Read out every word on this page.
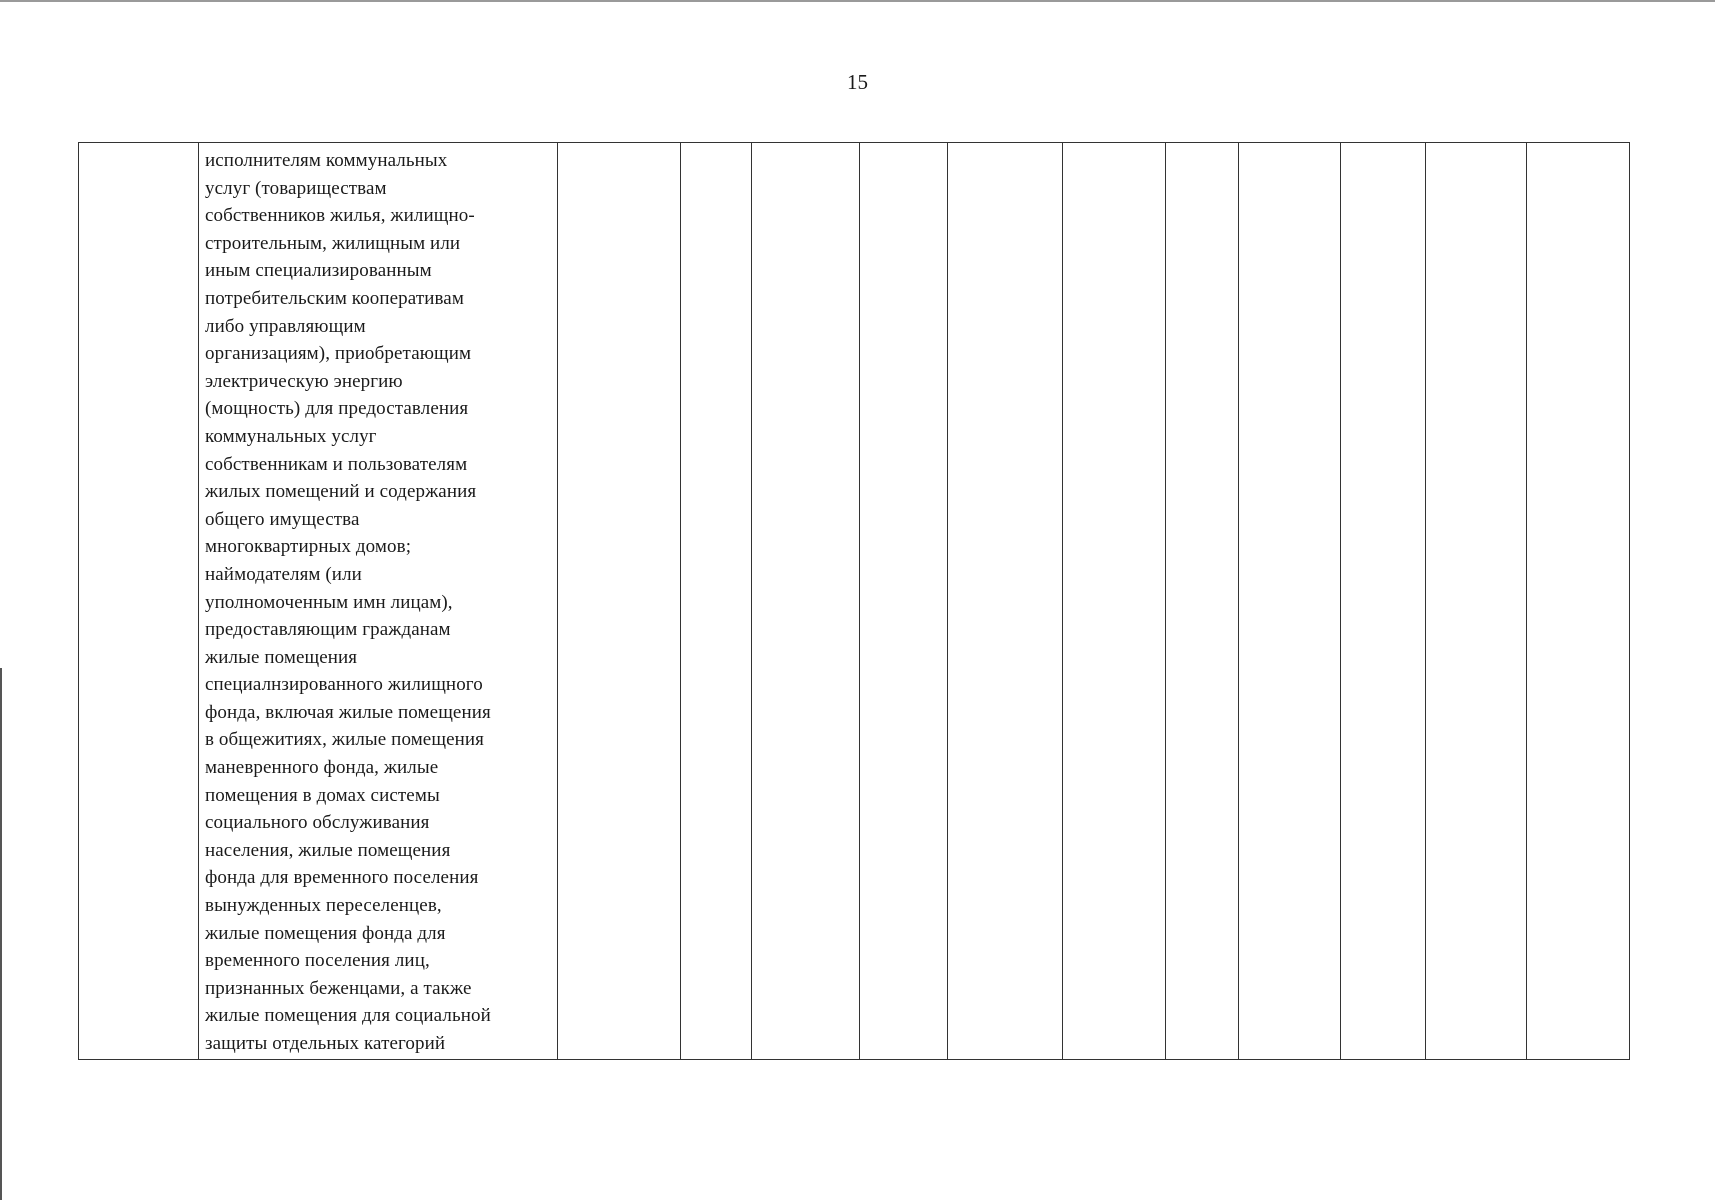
15

исполнителям коммунальных
услуг (товариществам
собственников жилья, жилищно-
строительным, жилищным или
иным специализированным
потребительским кооперативам
либо управляющим
организациям), приобретающим
электрическую энергию
(мощность) для предоставления
коммунальных услуг
собственникам и пользователям
жилых помещений и содержания
общего имущества
многоквартирных домов;
наймодателям (или
уполномоченным имн лицам),
предоставляющим гражданам
жилые помещения
специалнзированного жилищного
фонда, включая жилые помещения
в общежитиях, жилые помещения
маневренного фонда, жилые
помещения в домах системы
социального обслуживания
населения, жилые помещения
фонда для временного поселения
вынужденных переселенцев,
жилые помещения фонда для
временного поселения лиц,
признанных беженцами, а также
жилые помещения для социальной
защиты отдельных категорий
